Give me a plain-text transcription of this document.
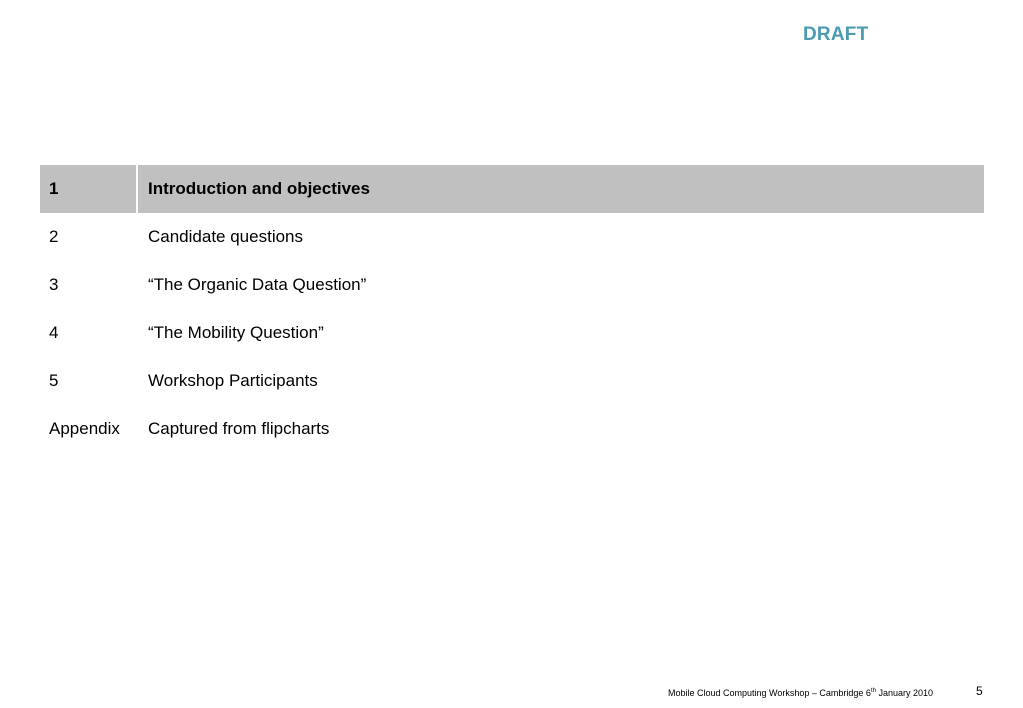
DRAFT
1	Introduction and objectives
2	Candidate questions
3	“The Organic Data Question”
4	“The Mobility Question”
5	Workshop Participants
Appendix	Captured from flipcharts
Mobile Cloud Computing Workshop – Cambridge 6th January 2010	5
